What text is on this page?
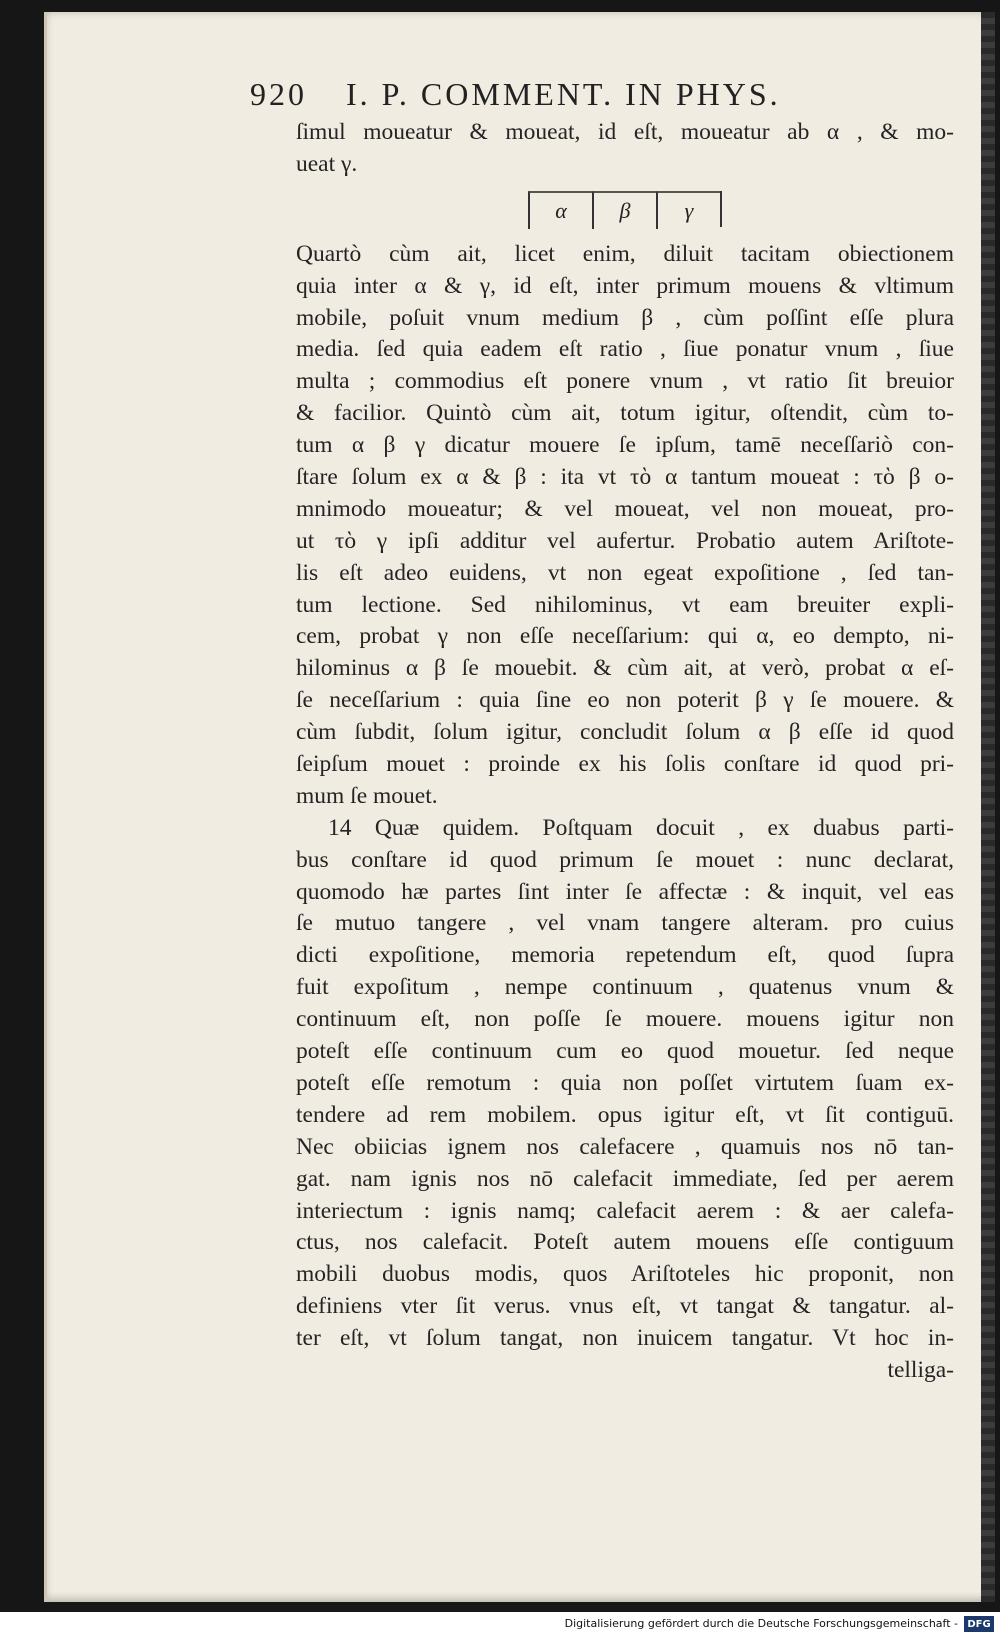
920 I. P. COMMENT. IN PHYS.
ſimul moueatur & moueat, id eſt, moueatur ab α , & mo-
ueat γ.
α	β	γ
Quartò cùm ait, licet enim, diluit tacitam obiectionem
quia inter α & γ, id eſt, inter primum mouens & vltimum
mobile, poſuit vnum medium β , cùm poſſint eſſe plura
media. ſed quia eadem eſt ratio , ſiue ponatur vnum , ſiue
multa ; commodius eſt ponere vnum , vt ratio ſit breuior
& facilior. Quintò cùm ait, totum igitur, oſtendit, cùm to-
tum α β γ dicatur mouere ſe ipſum, tamē neceſſariò con-
ſtare ſolum ex α & β : ita vt τὸ α tantum moueat : τὸ β o-
mnimodo moueatur; & vel moueat, vel non moueat, pro-
ut τὸ γ ipſi additur vel aufertur. Probatio autem Ariſtote-
lis eſt adeo euidens, vt non egeat expoſitione , ſed tan-
tum lectione. Sed nihilominus, vt eam breuiter expli-
cem, probat γ non eſſe neceſſarium: qui α, eo dempto, ni-
hilominus α β ſe mouebit. & cùm ait, at verò, probat α eſ-
ſe neceſſarium : quia ſine eo non poterit β γ ſe mouere. &
cùm ſubdit, ſolum igitur, concludit ſolum α β eſſe id quod
ſeipſum mouet : proinde ex his ſolis conſtare id quod pri-
mum ſe mouet.
14 Quæ quidem. Poſtquam docuit , ex duabus parti-
bus conſtare id quod primum ſe mouet : nunc declarat,
quomodo hæ partes ſint inter ſe affectæ : & inquit, vel eas
ſe mutuo tangere , vel vnam tangere alteram. pro cuius
dicti expoſitione, memoria repetendum eſt, quod ſupra
fuit expoſitum , nempe continuum , quatenus vnum &
continuum eſt, non poſſe ſe mouere. mouens igitur non
poteſt eſſe continuum cum eo quod mouetur. ſed neque
poteſt eſſe remotum : quia non poſſet virtutem ſuam ex-
tendere ad rem mobilem. opus igitur eſt, vt ſit contiguū.
Nec obiicias ignem nos calefacere , quamuis nos nō tan-
gat. nam ignis nos nō calefacit immediate, ſed per aerem
interiectum : ignis namq; calefacit aerem : & aer calefa-
ctus, nos calefacit. Poteſt autem mouens eſſe contiguum
mobili duobus modis, quos Ariſtoteles hic proponit, non
definiens vter ſit verus. vnus eſt, vt tangat & tangatur. al-
ter eſt, vt ſolum tangat, non inuicem tangatur. Vt hoc in-
telliga-
Digitalisierung gefördert durch die Deutsche Forschungsgemeinschaft - DFG
